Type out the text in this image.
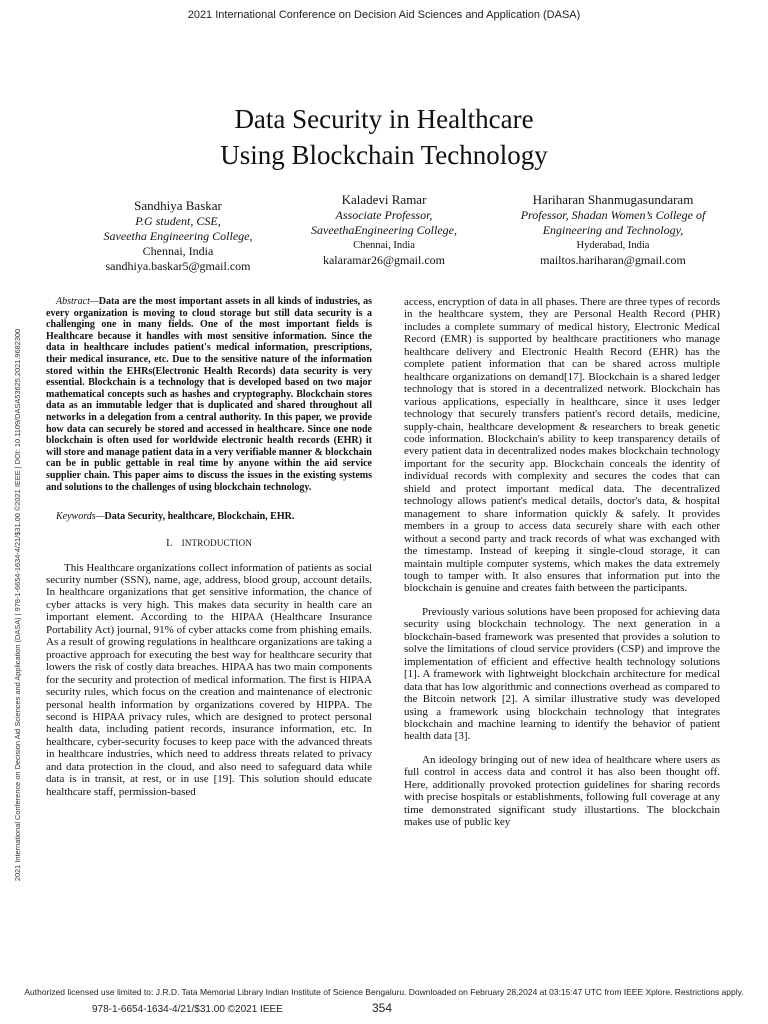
2021 International Conference on Decision Aid Sciences and Application (DASA)
Data Security in Healthcare
Using Blockchain Technology
Sandhiya Baskar
P.G student, CSE,
Saveetha Engineering College,
Chennai, India
sandhiya.baskar5@gmail.com
Kaladevi Ramar
Associate Professor,
SaveethaEngineering College,
Chennai, India
kalaramar26@gmail.com
Hariharan Shanmugasundaram
Professor, Shadan Women’s College of
Engineering and Technology,
Hyderabad, India
mailtos.hariharan@gmail.com
2021 International Conference on Decision Aid Sciences and Application (DASA) | 978-1-6654-1634-4/21/$31.00 ©2021 IEEE | DOI: 10.1109/DASA53625.2021.9682300

Abstract—Data are the most important assets in all kinds of industries, as every organization is moving to cloud storage but still data security is a challenging one in many fields. One of the most important fields is Healthcare because it handles with most sensitive information. Since the data in healthcare includes patient's medical information, prescriptions, their medical insurance, etc. Due to the sensitive nature of the information stored within the EHRs(Electronic Health Records) data security is very essential. Blockchain is a technology that is developed based on two major mathematical concepts such as hashes and cryptography. Blockchain stores data as an immutable ledger that is duplicated and shared throughout all networks in a delegation from a central authority. In this paper, we provide how data can securely be stored and accessed in healthcare. Since one node blockchain is often used for worldwide electronic health records (EHR) it will store and manage patient data in a very verifiable manner & blockchain can be in public gettable in real time by anyone within the aid service supplier chain. This paper aims to discuss the issues in the existing systems and solutions to the challenges of using blockchain technology.

Keywords—Data Security, healthcare, Blockchain, EHR.

I. INTRODUCTION

This Healthcare organizations collect information of patients as social security number (SSN), name, age, address, blood group, account details. In healthcare organizations that get sensitive information, the chance of cyber attacks is very high. This makes data security in health care an important element. According to the HIPAA (Healthcare Insurance Portability Act) journal, 91% of cyber attacks come from phishing emails. As a result of growing regulations in healthcare organizations are taking a proactive approach for executing the best way for healthcare security that lowers the risk of costly data breaches. HIPAA has two main components for the security and protection of medical information. The first is HIPAA security rules, which focus on the creation and maintenance of electronic personal health information by organizations covered by HIPPA. The second is HIPAA privacy rules, which are designed to protect personal health data, including patient records, insurance information, etc. In healthcare, cyber-security focuses to keep pace with the advanced threats in healthcare industries, which need to address threats related to privacy and data protection in the cloud, and also need to safeguard data while data is in transit, at rest, or in use [19]. This solution should educate healthcare staff, permission-based

access, encryption of data in all phases. There are three types of records in the healthcare system, they are Personal Health Record (PHR) includes a complete summary of medical history, Electronic Medical Record (EMR) is supported by healthcare practitioners who manage healthcare delivery and Electronic Health Record (EHR) has the complete patient information that can be shared across multiple healthcare organizations on demand[17]. Blockchain is a shared ledger technology that is stored in a decentralized network. Blockchain has various applications, especially in healthcare, since it uses ledger technology that securely transfers patient's record details, medicine, supply-chain, healthcare development & researchers to break genetic code information. Blockchain's ability to keep transparency details of every patient data in decentralized nodes makes blockchain technology important for the security app. Blockchain conceals the identity of individual records with complexity and secures the codes that can shield and protect important medical data. The decentralized technology allows patient's medical details, doctor's data, & hospital management to share information quickly & safely. It provides members in a group to access data securely share with each other without a second party and track records of what was exchanged with the timestamp. Instead of keeping it single-cloud storage, it can maintain multiple computer systems, which makes the data extremely tough to tamper with. It also ensures that information put into the blockchain is genuine and creates faith between the participants.

Previously various solutions have been proposed for achieving data security using blockchain technology. The next generation in a blockchain-based framework was presented that provides a solution to solve the limitations of cloud service providers (CSP) and improve the implementation of efficient and effective health technology solutions [1]. A framework with lightweight blockchain architecture for medical data that has low algorithmic and connections overhead as compared to the Bitcoin network [2]. A similar illustrative study was developed using a framework using blockchain technology that integrates blockchain and machine learning to identify the behavior of patient health data [3].

An ideology bringing out of new idea of healthcare where users as full control in access data and control it has also been thought off. Here, additionally provoked protection guidelines for sharing records with precise hospitals or establishments, following full coverage at any time demonstrated significant study illustartions. The blockchain makes use of public key

Authorized licensed use limited to: J.R.D. Tata Memorial Library Indian Institute of Science Bengaluru. Downloaded on February 28,2024 at 03:15:47 UTC from IEEE Xplore. Restrictions apply.
978-1-6654-1634-4/21/$31.00 ©2021 IEEE	354
